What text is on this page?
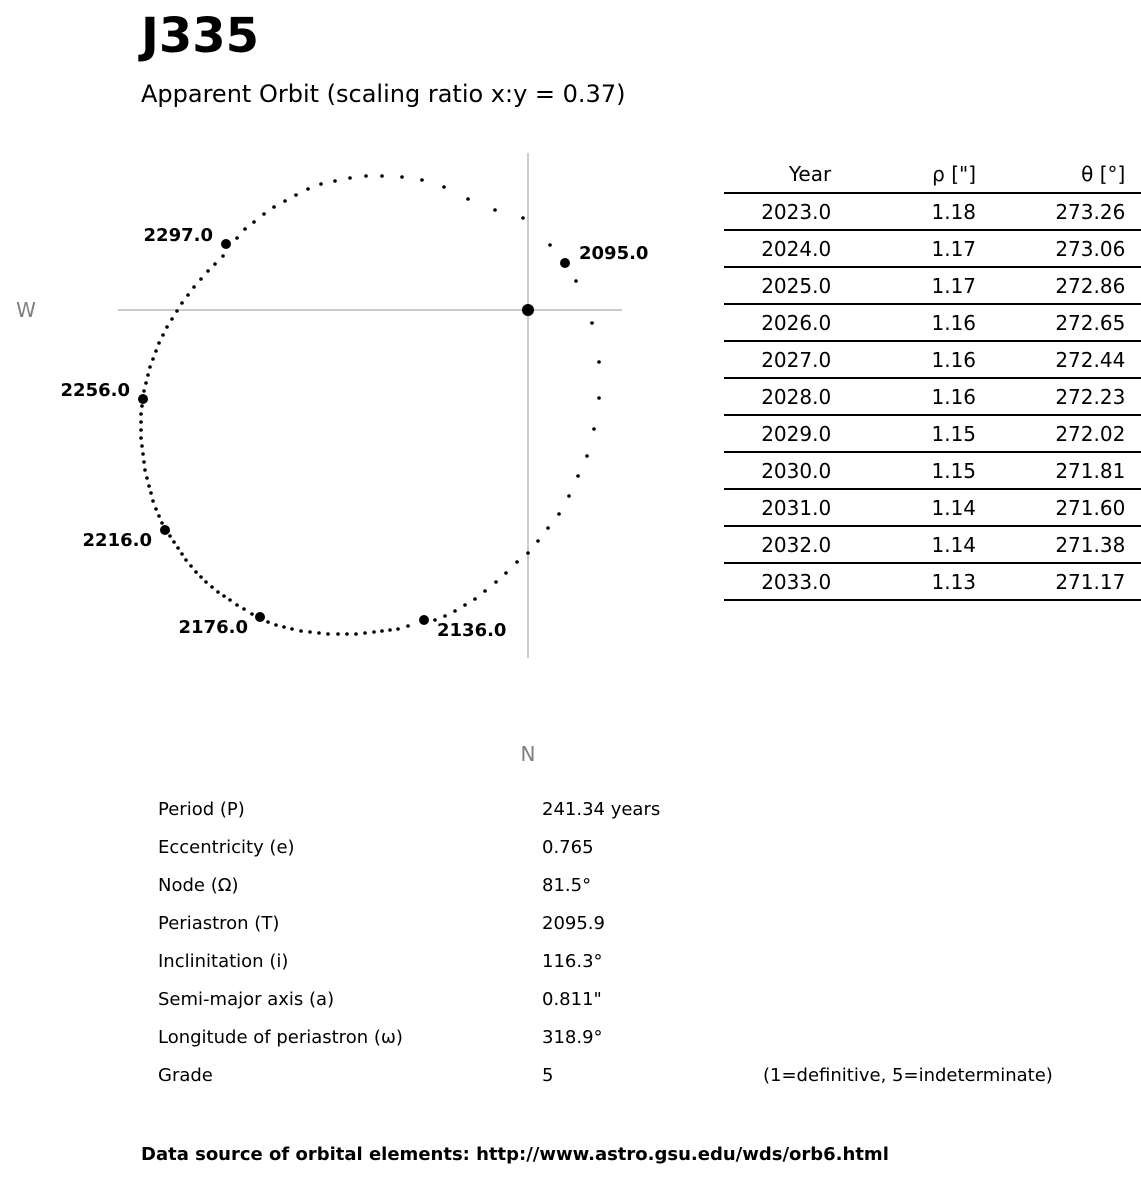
J335
Apparent Orbit (scaling ratio x:y = 0.37)
W
N
2095.0
2136.0
2176.0
2216.0
2256.0
2297.0
Year	ρ ["]	θ [°]	
2023.0	1.18	273.26	
2024.0	1.17	273.06	
2025.0	1.17	272.86	
2026.0	1.16	272.65	
2027.0	1.16	272.44	
2028.0	1.16	272.23	
2029.0	1.15	272.02	
2030.0	1.15	271.81	
2031.0	1.14	271.60	
2032.0	1.14	271.38	
2033.0	1.13	271.17	
Period (P)	241.34 years
Eccentricity (e)	0.765
Node (Ω)	81.5°
Periastron (T)	2095.9
Inclinitation (i)	116.3°
Semi-major axis (a)	0.811"
Longitude of periastron (ω)	318.9°
Grade	5	(1=definitive, 5=indeterminate)
Data source of orbital elements: http://www.astro.gsu.edu/wds/orb6.html
